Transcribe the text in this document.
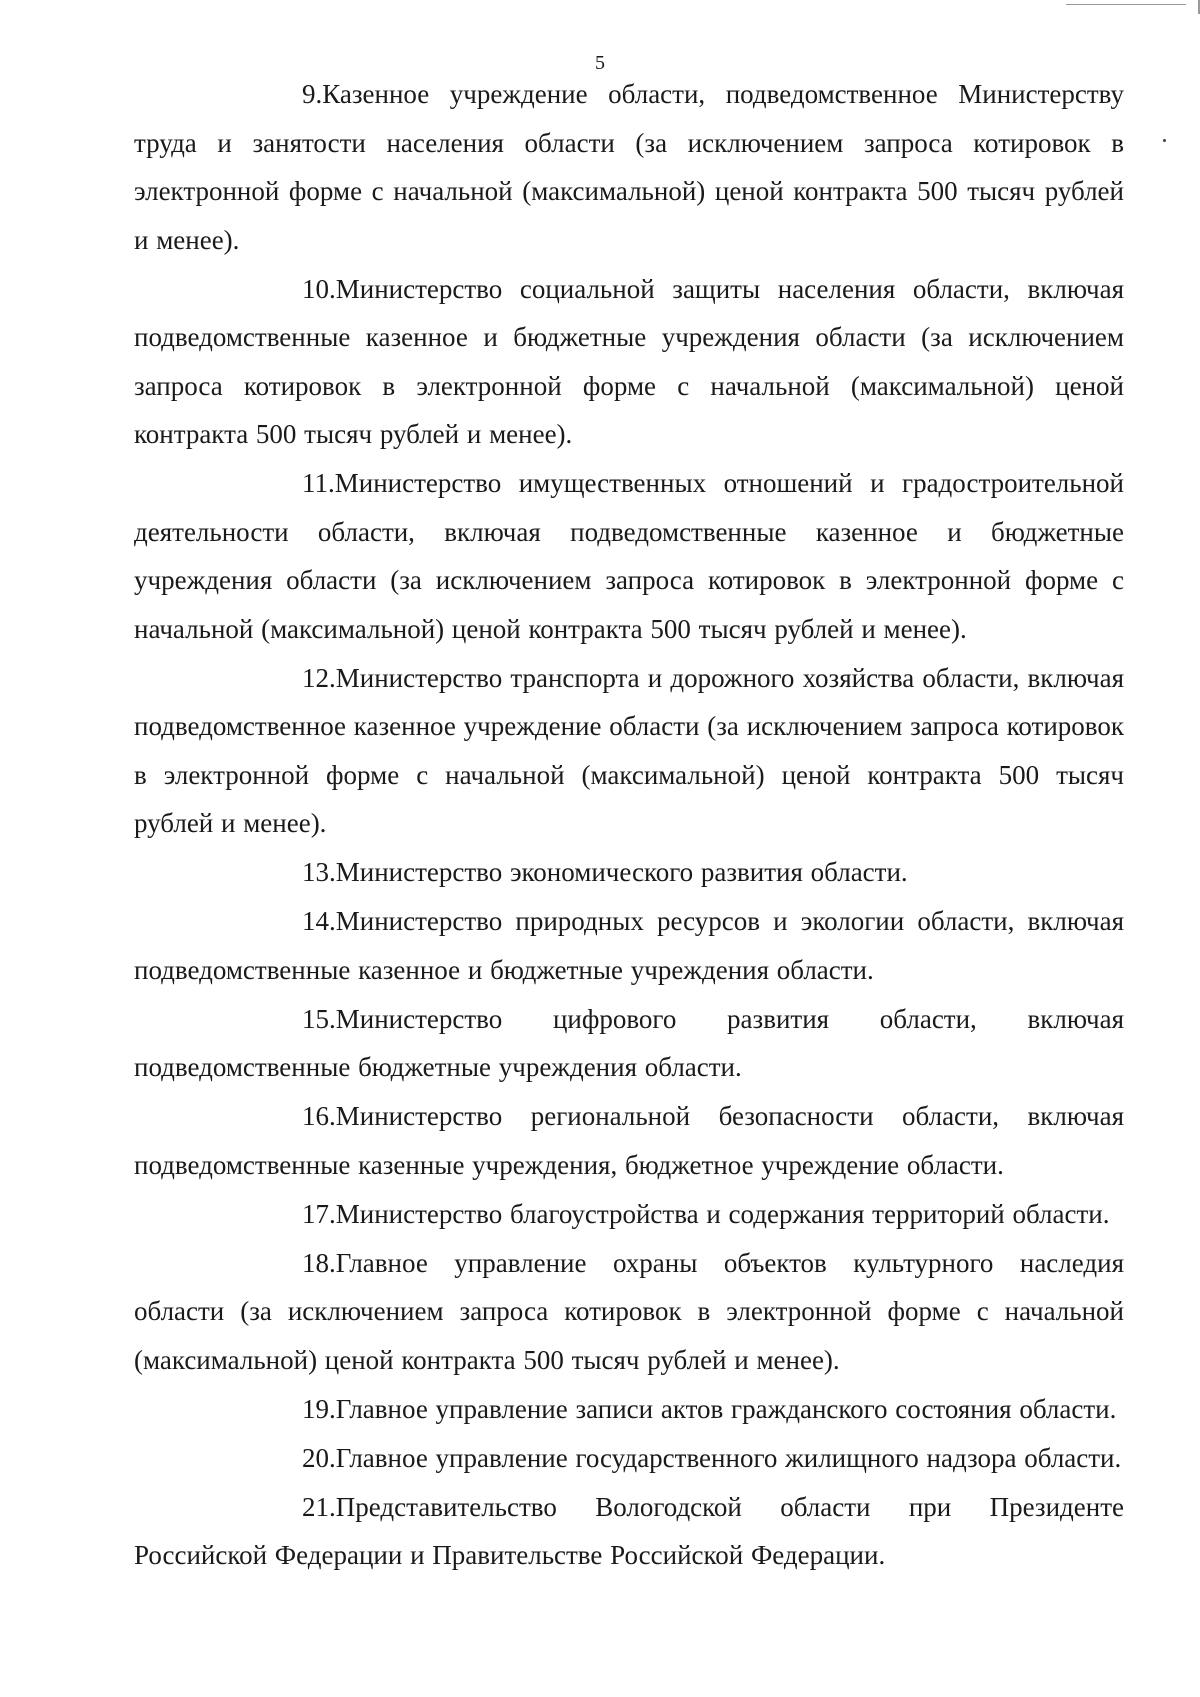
5

9.Казенное учреждение области, подведомственное Министерству труда и занятости населения области (за исключением запроса котировок в электронной форме с начальной (максимальной) ценой контракта 500 тысяч рублей и менее).

10.Министерство социальной защиты населения области, включая подведомственные казенное и бюджетные учреждения области (за исключением запроса котировок в электронной форме с начальной (максимальной) ценой контракта 500 тысяч рублей и менее).

11.Министерство имущественных отношений и градостроительной деятельности области, включая подведомственные казенное и бюджетные учреждения области (за исключением запроса котировок в электронной форме с начальной (максимальной) ценой контракта 500 тысяч рублей и менее).

12.Министерство транспорта и дорожного хозяйства области, включая подведомственное казенное учреждение области (за исключением запроса котировок в электронной форме с начальной (максимальной) ценой контракта 500 тысяч рублей и менее).

13.Министерство экономического развития области.

14.Министерство природных ресурсов и экологии области, включая подведомственные казенное и бюджетные учреждения области.

15.Министерство цифрового развития области, включая подведомственные бюджетные учреждения области.

16.Министерство региональной безопасности области, включая подведомственные казенные учреждения, бюджетное учреждение области.

17.Министерство благоустройства и содержания территорий области.

18.Главное управление охраны объектов культурного наследия области (за исключением запроса котировок в электронной форме с начальной (максимальной) ценой контракта 500 тысяч рублей и менее).

19.Главное управление записи актов гражданского состояния области.

20.Главное управление государственного жилищного надзора области.

21.Представительство Вологодской области при Президенте Российской Федерации и Правительстве Российской Федерации.
